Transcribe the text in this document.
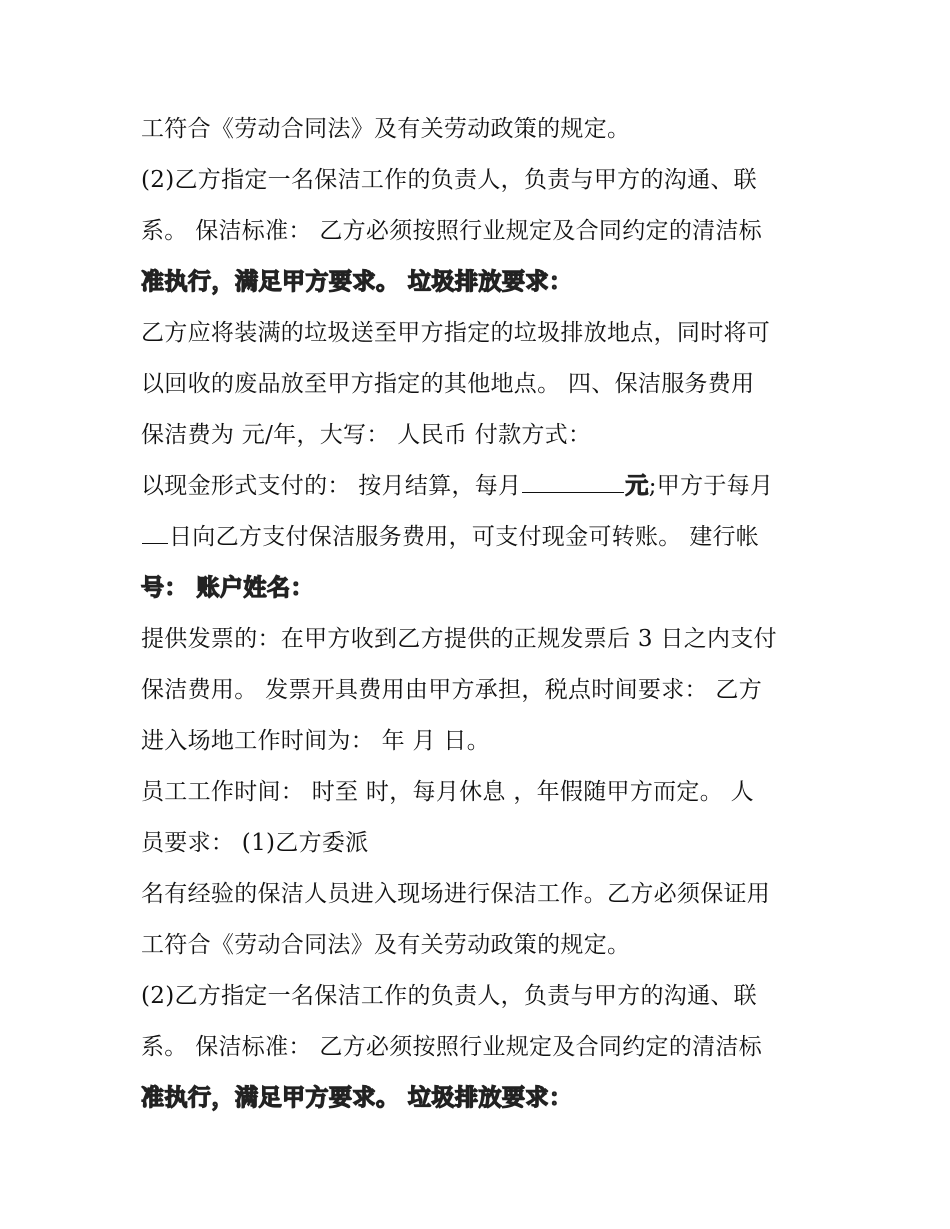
工符合《劳动合同法》及有关劳动政策的规定。
(2)乙方指定一名保洁工作的负责人，负责与甲方的沟通、联
系。 保洁标准： 乙方必须按照行业规定及合同约定的清洁标
准执行，满足甲方要求。 垃圾排放要求：
乙方应将装满的垃圾送至甲方指定的垃圾排放地点，同时将可
以回收的废品放至甲方指定的其他地点。 四、保洁服务费用
保洁费为 元/年，大写： 人民币 付款方式：
以现金形式支付的： 按月结算，每月	元;甲方于每月
日向乙方支付保洁服务费用，可支付现金可转账。 建行帐
号： 账户姓名：
提供发票的：在甲方收到乙方提供的正规发票后 3 日之内支付
保洁费用。 发票开具费用由甲方承担，税点时间要求： 乙方
进入场地工作时间为： 年 月 日。
员工工作时间： 时至 时，每月休息 ，年假随甲方而定。 人
员要求： (1)乙方委派
名有经验的保洁人员进入现场进行保洁工作。乙方必须保证用
工符合《劳动合同法》及有关劳动政策的规定。
(2)乙方指定一名保洁工作的负责人，负责与甲方的沟通、联
系。 保洁标准： 乙方必须按照行业规定及合同约定的清洁标
准执行，满足甲方要求。 垃圾排放要求：
